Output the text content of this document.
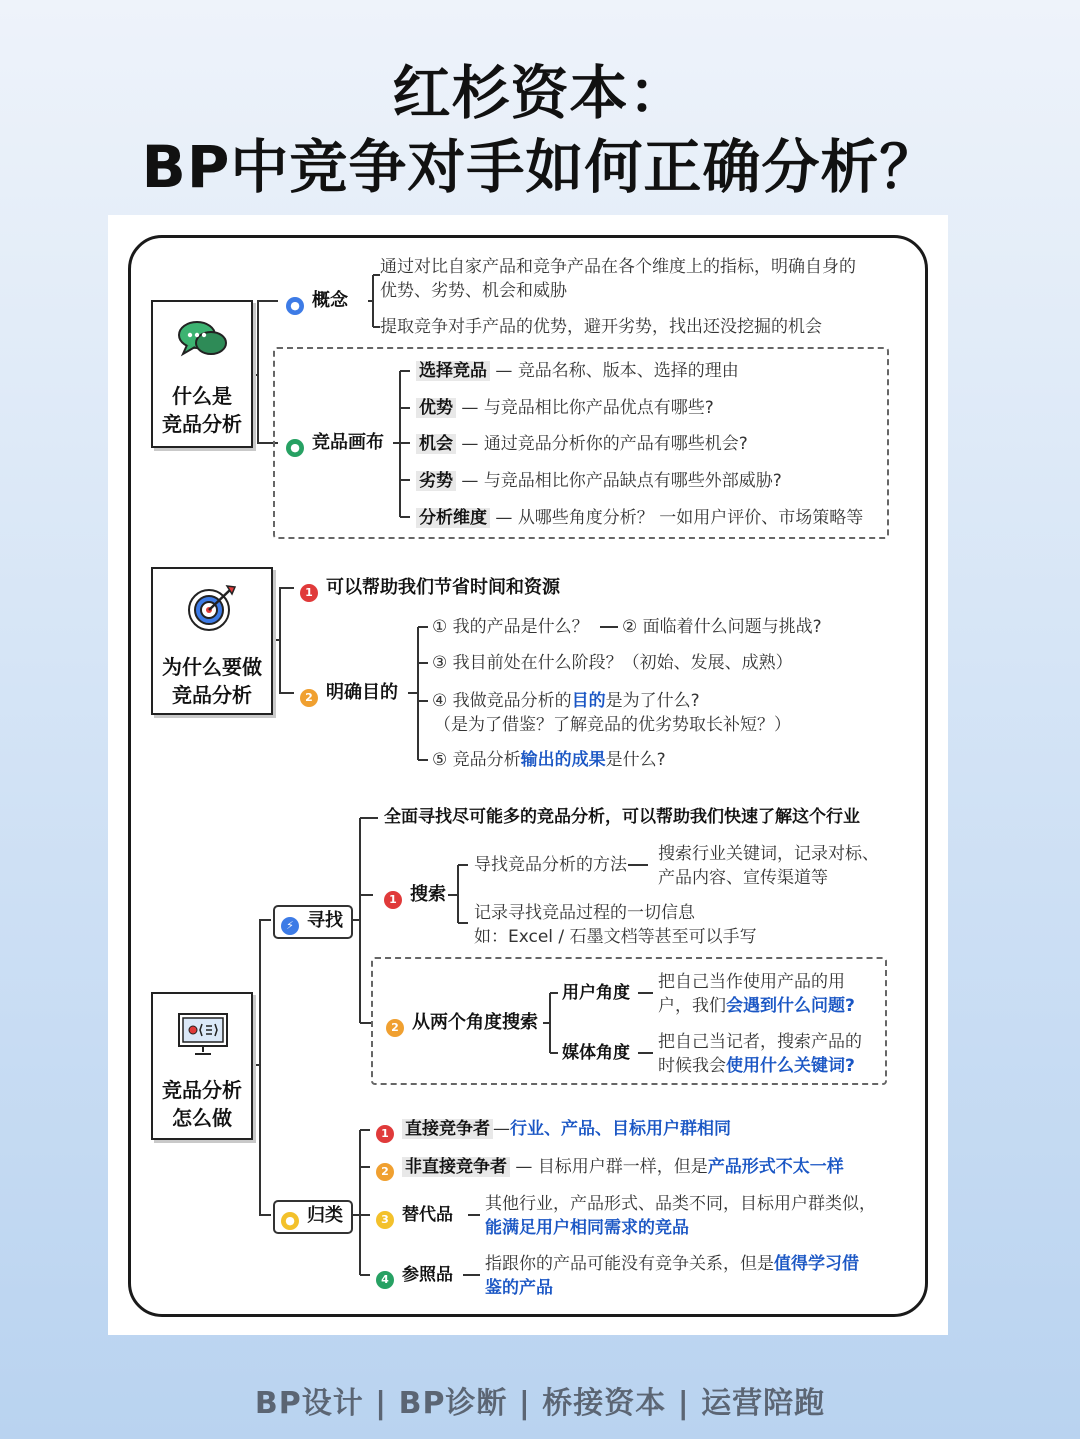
红杉资本：
BP中竞争对手如何正确分析？
什么是
竞品分析
● 概念
通过对比自家产品和竞争产品在各个维度上的指标，明确自身的
优势、劣势、机会和威胁
提取竞争对手产品的优势，避开劣势，找出还没挖掘的机会
● 竞品画布
选择竞品 — 竞品名称、版本、选择的理由
优势 — 与竞品相比你产品优点有哪些?
机会 — 通过竞品分析你的产品有哪些机会?
劣势 — 与竞品相比你产品缺点有哪些外部威胁?
分析维度 — 从哪些角度分析？ 一如用户评价、市场策略等
为什么要做
竞品分析
1 可以帮助我们节省时间和资源
2 明确目的
① 我的产品是什么？ ② 面临着什么问题与挑战?
③ 我目前处在什么阶段？（初始、发展、成熟）
④ 我做竞品分析的目的是为了什么?
（是为了借鉴？了解竞品的优劣势取长补短？）
⑤ 竞品分析输出的成果是什么?
竞品分析
怎么做
⚡ 寻找
全面寻找尽可能多的竞品分析，可以帮助我们快速了解这个行业
1 搜索
导找竞品分析的方法
搜索行业关键词，记录对标、
产品内容、宣传渠道等
记录寻找竞品过程的一切信息
如：Excel / 石墨文档等甚至可以手写
2 从两个角度搜索
用户角度
把自己当作使用产品的用
户，我们会遇到什么问题?
媒体角度
把自己当记者，搜索产品的
时候我会使用什么关键词?
● 归类
1 直接竞争者 —行业、产品、目标用户群相同
2 非直接竞争者 — 目标用户群一样，但是产品形式不太一样
3 替代品
其他行业，产品形式、品类不同，目标用户群类似，
能满足用户相同需求的竞品
4 参照品
指跟你的产品可能没有竞争关系，但是值得学习借
鉴的产品
BP设计 | BP诊断 | 桥接资本 | 运营陪跑
